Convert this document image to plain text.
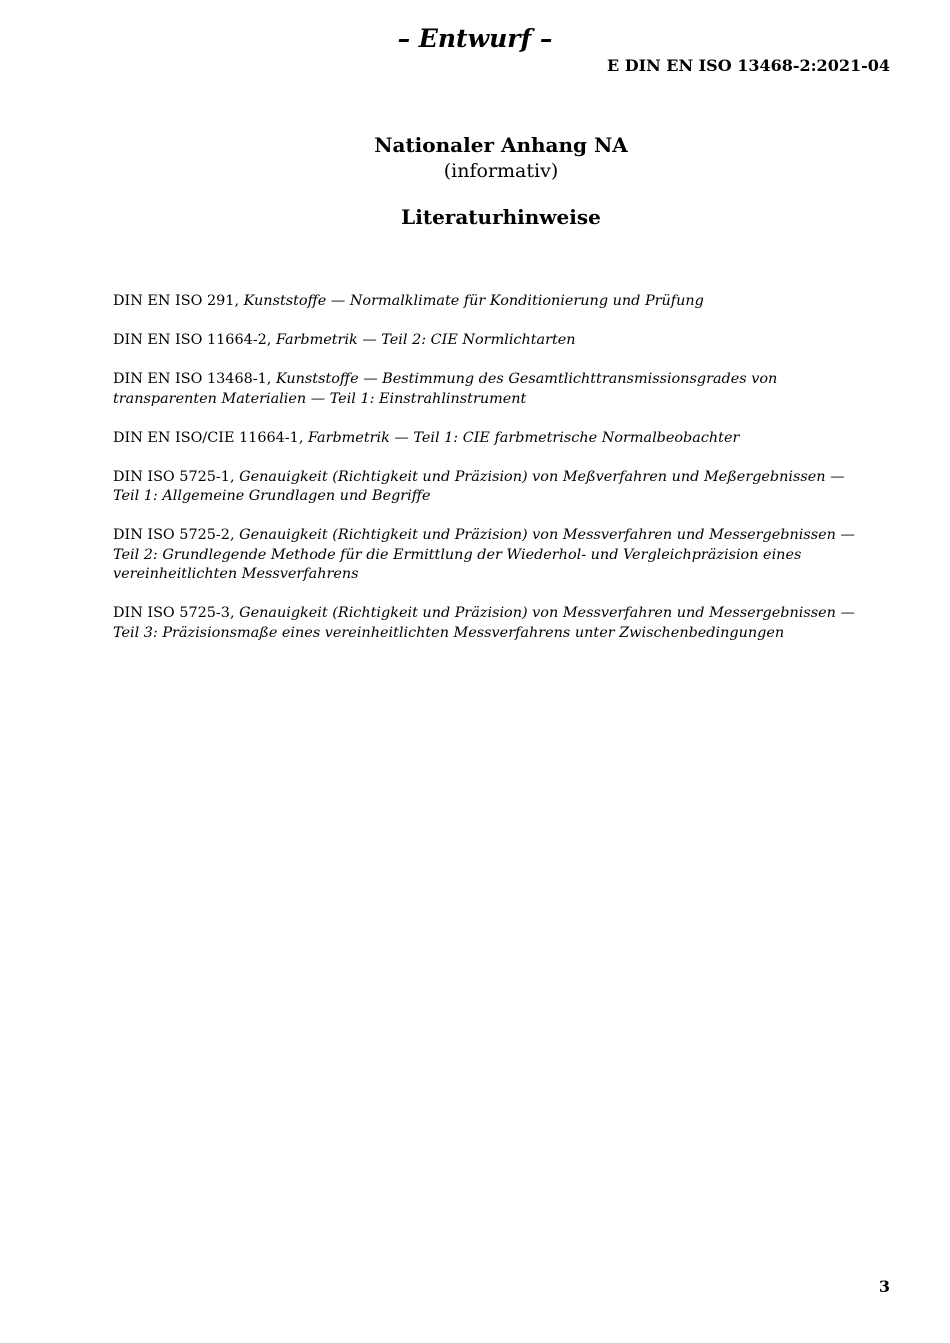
– Entwurf –
E DIN EN ISO 13468-2:2021-04
Nationaler Anhang NA
(informativ)
Literaturhinweise

DIN EN ISO 291, Kunststoffe — Normalklimate für Konditionierung und Prüfung

DIN EN ISO 11664-2, Farbmetrik — Teil 2: CIE Normlichtarten

DIN EN ISO 13468-1, Kunststoffe — Bestimmung des Gesamtlichttransmissionsgrades von transparenten Materialien — Teil 1: Einstrahlinstrument

DIN EN ISO/CIE 11664-1, Farbmetrik — Teil 1: CIE farbmetrische Normalbeobachter

DIN ISO 5725-1, Genauigkeit (Richtigkeit und Präzision) von Meßverfahren und Meßergebnissen — Teil 1: Allgemeine Grundlagen und Begriffe

DIN ISO 5725-2, Genauigkeit (Richtigkeit und Präzision) von Messverfahren und Messergebnissen — Teil 2: Grundlegende Methode für die Ermittlung der Wiederhol- und Vergleichpräzision eines vereinheitlichten Messverfahrens

DIN ISO 5725-3, Genauigkeit (Richtigkeit und Präzision) von Messverfahren und Messergebnissen — Teil 3: Präzisionsmaße eines vereinheitlichten Messverfahrens unter Zwischenbedingungen

3
